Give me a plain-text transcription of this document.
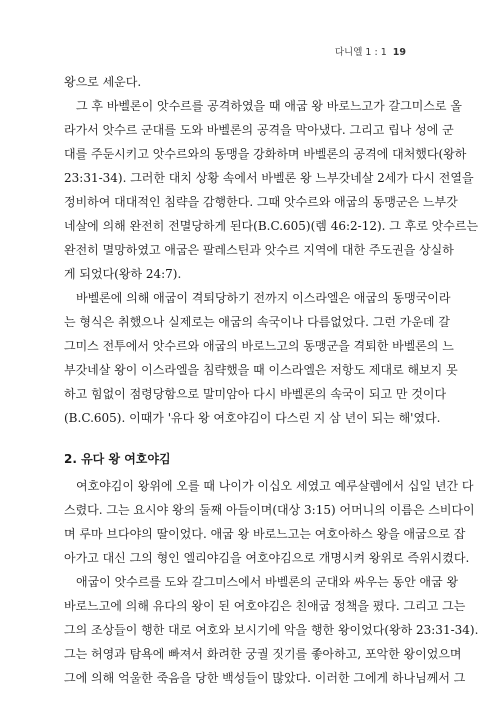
다니엘 1 : 1 19
왕으로 세운다.
그 후 바벨론이 앗수르를 공격하였을 때 애굽 왕 바로느고가 갈그미스로 올
라가서 앗수르 군대를 도와 바벨론의 공격을 막아냈다. 그리고 립나 성에 군
대를 주둔시키고 앗수르와의 동맹을 강화하며 바벨론의 공격에 대처했다(왕하
23:31-34). 그러한 대치 상황 속에서 바벨론 왕 느부갓네살 2세가 다시 전열을
정비하여 대대적인 침략을 감행한다. 그때 앗수르와 애굽의 동맹군은 느부갓
네살에 의해 완전히 전멸당하게 된다(B.C.605)(렘 46:2-12). 그 후로 앗수르는
완전히 멸망하였고 애굽은 팔레스틴과 앗수르 지역에 대한 주도권을 상실하
게 되었다(왕하 24:7).
바벨론에 의해 애굽이 격퇴당하기 전까지 이스라엘은 애굽의 동맹국이라
는 형식은 취했으나 실제로는 애굽의 속국이나 다름없었다. 그런 가운데 갈
그미스 전투에서 앗수르와 애굽의 바로느고의 동맹군을 격퇴한 바벨론의 느
부갓네살 왕이 이스라엘을 침략했을 때 이스라엘은 저항도 제대로 해보지 못
하고 힘없이 점령당함으로 말미암아 다시 바벨론의 속국이 되고 만 것이다
(B.C.605). 이때가 '유다 왕 여호야김이 다스린 지 삼 년이 되는 해'였다.
2. 유다 왕 여호야김
여호야김이 왕위에 오를 때 나이가 이십오 세였고 예루살렘에서 십일 년간 다
스렸다. 그는 요시야 왕의 둘째 아들이며(대상 3:15) 어머니의 이름은 스비다이
며 루마 브다야의 딸이었다. 애굽 왕 바로느고는 여호아하스 왕을 애굽으로 잡
아가고 대신 그의 형인 엘리야김을 여호야김으로 개명시켜 왕위로 즉위시켰다.
애굽이 앗수르를 도와 갈그미스에서 바벨론의 군대와 싸우는 동안 애굽 왕
바로느고에 의해 유다의 왕이 된 여호야김은 친애굽 정책을 폈다. 그리고 그는
그의 조상들이 행한 대로 여호와 보시기에 악을 행한 왕이었다(왕하 23:31-34).
그는 허영과 탐욕에 빠져서 화려한 궁궐 짓기를 좋아하고, 포악한 왕이었으며
그에 의해 억울한 죽음을 당한 백성들이 많았다. 이러한 그에게 하나님께서 그
